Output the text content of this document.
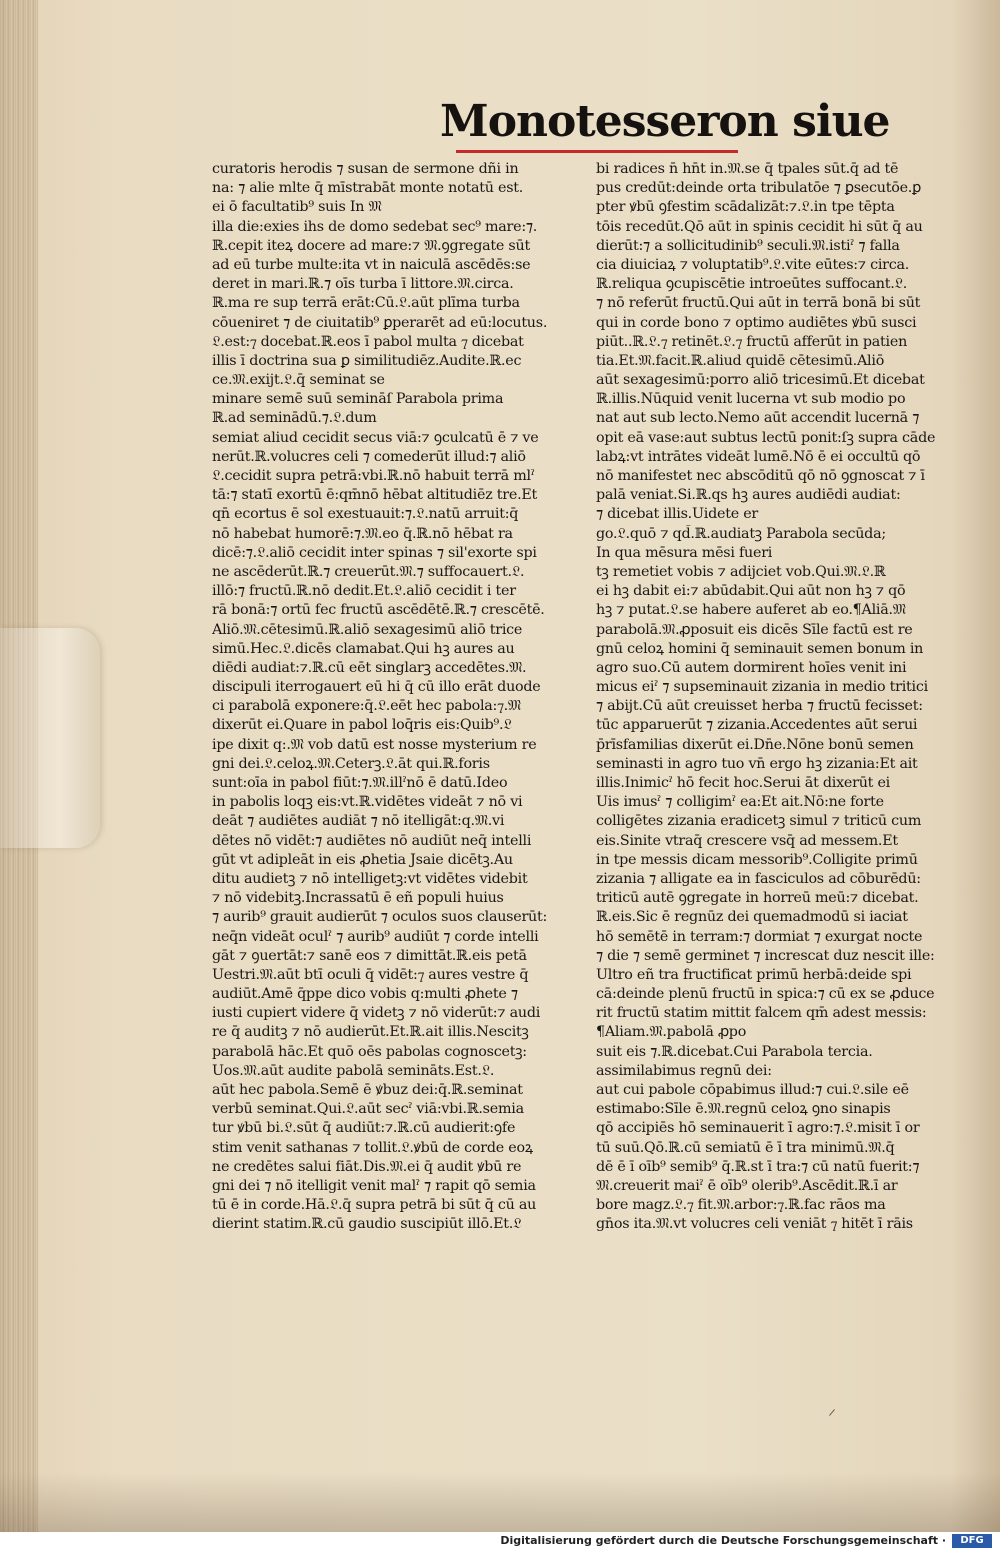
Monotesseron siue
curatoris herodis ⁊ susan de sermone dñi in
na: ⁊ alie mlte q̄ mīstrabāt monte notatū est.
ei ō facultatib⁹ suis In 𝔐
illa die:exies ihs de domo sedebat sec⁹ mare:⁊.
ℝ.cepit iteꝝ docere ad mare:⁊ 𝔐.ꝯgregate sūt
ad eū turbe multe:ita vt in naiculā ascēdēs:se
deret in mari.ℝ.⁊ oīs turba ī littore.𝔐.circa.
ℝ.ma re sup terrā erāt:Cū.𝔏.aūt plīma turba
cōueniret ⁊ de ciuitatib⁹ ꝑperarēt ad eū:locutus.
𝔏.est:⁊ docebat.ℝ.eos ī pabol multa ⁊ dicebat
illis ī doctrina sua ꝑ similitudiēz.Audite.ℝ.ec
ce.𝔐.exijt.𝔏.q̄ seminat se
minare semē suū semināſ Parabola prima
ℝ.ad seminādū.⁊.𝔏.dum
semiat aliud cecidit secus viā:⁊ ꝯculcatū ē ⁊ ve
nerūt.ℝ.volucres celi ⁊ comederūt illud:⁊ aliō
𝔏.cecidit supra petrā:vbi.ℝ.nō habuit terrā mlˀ
tā:⁊ statī exortū ē:qm̄nō hēbat altitudiēz tre.Et
qn̄ ecortus ē sol exestuauit:⁊.𝔏.natū arruit:q̄
nō habebat humorē:⁊.𝔐.eo q̄.ℝ.nō hēbat ra
dicē:⁊.𝔏.aliō cecidit inter spinas ⁊ sil'exorte spi
ne ascēderūt.ℝ.⁊ creuerūt.𝔐.⁊ suffocauert.𝔏.
illō:⁊ fructū.ℝ.nō dedit.Et.𝔏.aliō cecidit i ter
rā bonā:⁊ ortū fec fructū ascēdētē.ℝ.⁊ crescētē.
Aliō.𝔐.cētesimū.ℝ.aliō sexagesimū aliō trice
simū.Hec.𝔏.dicēs clamabat.Qui hꝫ aures au
diēdi audiat:⁊.ℝ.cū eēt singlarꝫ accedētes.𝔐.
discipuli iterrogauert eū hi q̄ cū illo erāt duode
ci parabolā exponere:q̄.𝔏.eēt hec pabola:⁊.𝔐
dixerūt ei.Quare in pabol loq̄ris eis:Quib⁹.𝔏
ipe dixit q:.𝔐 vob datū est nosse mysterium re
gni dei.𝔏.celoꝝ.𝔐.Ceterꝫ.𝔏.āt qui.ℝ.foris
sunt:oīa in pabol fiūt:⁊.𝔐.illˀnō ē datū.Ideo
in pabolis loqꝫ eis:vt.ℝ.vidētes videāt ⁊ nō vi
deāt ⁊ audiētes audiāt ⁊ nō itelligāt:q.𝔐.vi
dētes nō vidēt:⁊ audiētes nō audiūt neq̄ intelli
gūt vt adipleāt in eis ꝓhetia Jsaie dicētꝫ.Au
ditu audietꝫ ⁊ nō intelligetꝫ:vt vidētes videbit
⁊ nō videbitꝫ.Incrassatū ē eñ populi huius
⁊ aurib⁹ grauit audierūt ⁊ oculos suos clauserūt:
neq̄n videāt oculˀ ⁊ aurib⁹ audiūt ⁊ corde intelli
gāt ⁊ ꝯuertāt:⁊ sanē eos ⁊ dimittāt.ℝ.eis petā
Uestri.𝔐.aūt btī oculi q̄ vidēt:⁊ aures vestre q̄
audiūt.Amē q̄ppe dico vobis q:multi ꝓhete ⁊
iusti cupiert videre q̄ videtꝫ ⁊ nō viderūt:⁊ audi
re q̄ auditꝫ ⁊ nō audierūt.Et.ℝ.ait illis.Nescitꝫ
parabolā hāc.Et quō oēs pabolas cognoscetꝫ:
Uos.𝔐.aūt audite pabolā semināts.Est.𝔏.
aūt hec pabola.Semē ē ꝟbuz dei:q̄.ℝ.seminat
verbū seminat.Qui.𝔏.aūt secˀ viā:vbi.ℝ.semia
tur ꝟbū bi.𝔏.sūt q̄ audiūt:⁊.ℝ.cū audierit:ꝯfe
stim venit sathanas ⁊ tollit.𝔏.ꝟbū de corde eoꝝ
ne credētes salui fiāt.Dis.𝔐.ei q̄ audit ꝟbū re
gni dei ⁊ nō itelligit venit malˀ ⁊ rapit qō semia
tū ē in corde.Hā.𝔏.q̄ supra petrā bi sūt q̄ cū au
dierint statim.ℝ.cū gaudio suscipiūt illō.Et.𝔏
bi radices n̄ hn̄t in.𝔐.se q̄ tpales sūt.q̄ ad tē
pus credūt:deinde orta tribulatōe ⁊ ꝑsecutōe.ꝑ
pter ꝟbū ꝯfestim scādalizāt:⁊.𝔏.in tpe tēpta
tōis recedūt.Qō aūt in spinis cecidit hi sūt q̄ au
dierūt:⁊ a sollicitudinib⁹ seculi.𝔐.istiˀ ⁊ falla
cia diuiciaꝝ ⁊ voluptatib⁹.𝔏.vite eūtes:⁊ circa.
ℝ.reliqua ꝯcupiscētie introeūtes suffocant.𝔏.
⁊ nō referūt fructū.Qui aūt in terrā bonā bi sūt
qui in corde bono ⁊ optimo audiētes ꝟbū susci
piūt..ℝ.𝔏.⁊ retinēt.𝔏.⁊ fructū afferūt in patien
tia.Et.𝔐.facit.ℝ.aliud quidē cētesimū.Aliō
aūt sexagesimū:porro aliō tricesimū.Et dicebat
ℝ.illis.Nūquid venit lucerna vt sub modio po
nat aut sub lecto.Nemo aūt accendit lucernā ⁊
opit eā vase:aut subtus lectū ponit:ſꝫ supra cāde
labꝝ:vt intrātes videāt lumē.Nō ē ei occultū qō
nō manifestet nec abscōditū qō nō ꝯgnoscat ⁊ ī
palā veniat.Si.ℝ.qs hꝫ aures audiēdi audiat:
⁊ dicebat illis.Uidete er
go.𝔏.quō ⁊ qd̄.ℝ.audiatꝫ Parabola secūda;
In qua mēsura mēsi fueri
tꝫ remetiet vobis ⁊ adijciet vob.Qui.𝔐.𝔏.ℝ
ei hꝫ dabit ei:⁊ abūdabit.Qui aūt non hꝫ ⁊ qō
hꝫ ⁊ putat.𝔏.se habere auferet ab eo.¶Aliā.𝔐
parabolā.𝔐.ꝓposuit eis dicēs Sīle factū est re
gnū celoꝝ homini q̄ seminauit semen bonum in
agro suo.Cū autem dormirent hoīes venit ini
micus eiˀ ⁊ supseminauit zizania in medio tritici
⁊ abijt.Cū aūt creuisset herba ⁊ fructū fecisset:
tūc apparuerūt ⁊ zizania.Accedentes aūt serui
p̄rīsfamilias dixerūt ei.Dn̄e.Nōne bonū semen
seminasti in agro tuo vn̄ ergo hꝫ zizania:Et ait
illis.Inimicˀ hō fecit hoc.Serui āt dixerūt ei
Uis imusˀ ⁊ colligimˀ ea:Et ait.Nō:ne forte
colligētes zizania eradicetꝫ simul ⁊ triticū cum
eis.Sinite vtraq̄ crescere vsq̄ ad messem.Et
in tpe messis dicam messorib⁹.Colligite primū
zizania ⁊ alligate ea in fasciculos ad cōburēdū:
triticū autē ꝯgregate in horreū meū:⁊ dicebat.
ℝ.eis.Sic ē regnūz dei quemadmodū si iaciat
hō semētē in terram:⁊ dormiat ⁊ exurgat nocte
⁊ die ⁊ semē germinet ⁊ increscat duz nescit ille:
Ultro eñ tra fructificat primū herbā:deide spi
cā:deinde plenū fructū in spica:⁊ cū ex se ꝓduce
rit fructū statim mittit falcem qm̄ adest messis:
¶Aliam.𝔐.pabolā ꝓpo
suit eis ⁊.ℝ.dicebat.Cui Parabola tercia.
assimilabimus regnū dei:
aut cui pabole cōpabimus illud:⁊ cui.𝔏.sile eē
estimabo:Sīle ē.𝔐.regnū celoꝝ ꝯno sinapis
qō accipiēs hō seminauerit ī agro:⁊.𝔏.misit ī or
tū suū.Qō.ℝ.cū semiatū ē ī tra minimū.𝔐.q̄
dē ē ī oīb⁹ semib⁹ q̄.ℝ.st ī tra:⁊ cū natū fuerit:⁊
𝔐.creuerit maiˀ ē oīb⁹ olerib⁹.Ascēdit.ℝ.ī ar
bore magz.𝔏.⁊ fit.𝔐.arbor:⁊.ℝ.fac rāos ma
gn̄os ita.𝔐.vt volucres celi veniāt ⁊ hitēt ī rāis
Digitalisierung gefördert durch die Deutsche Forschungsgemeinschaft ·	DFG
